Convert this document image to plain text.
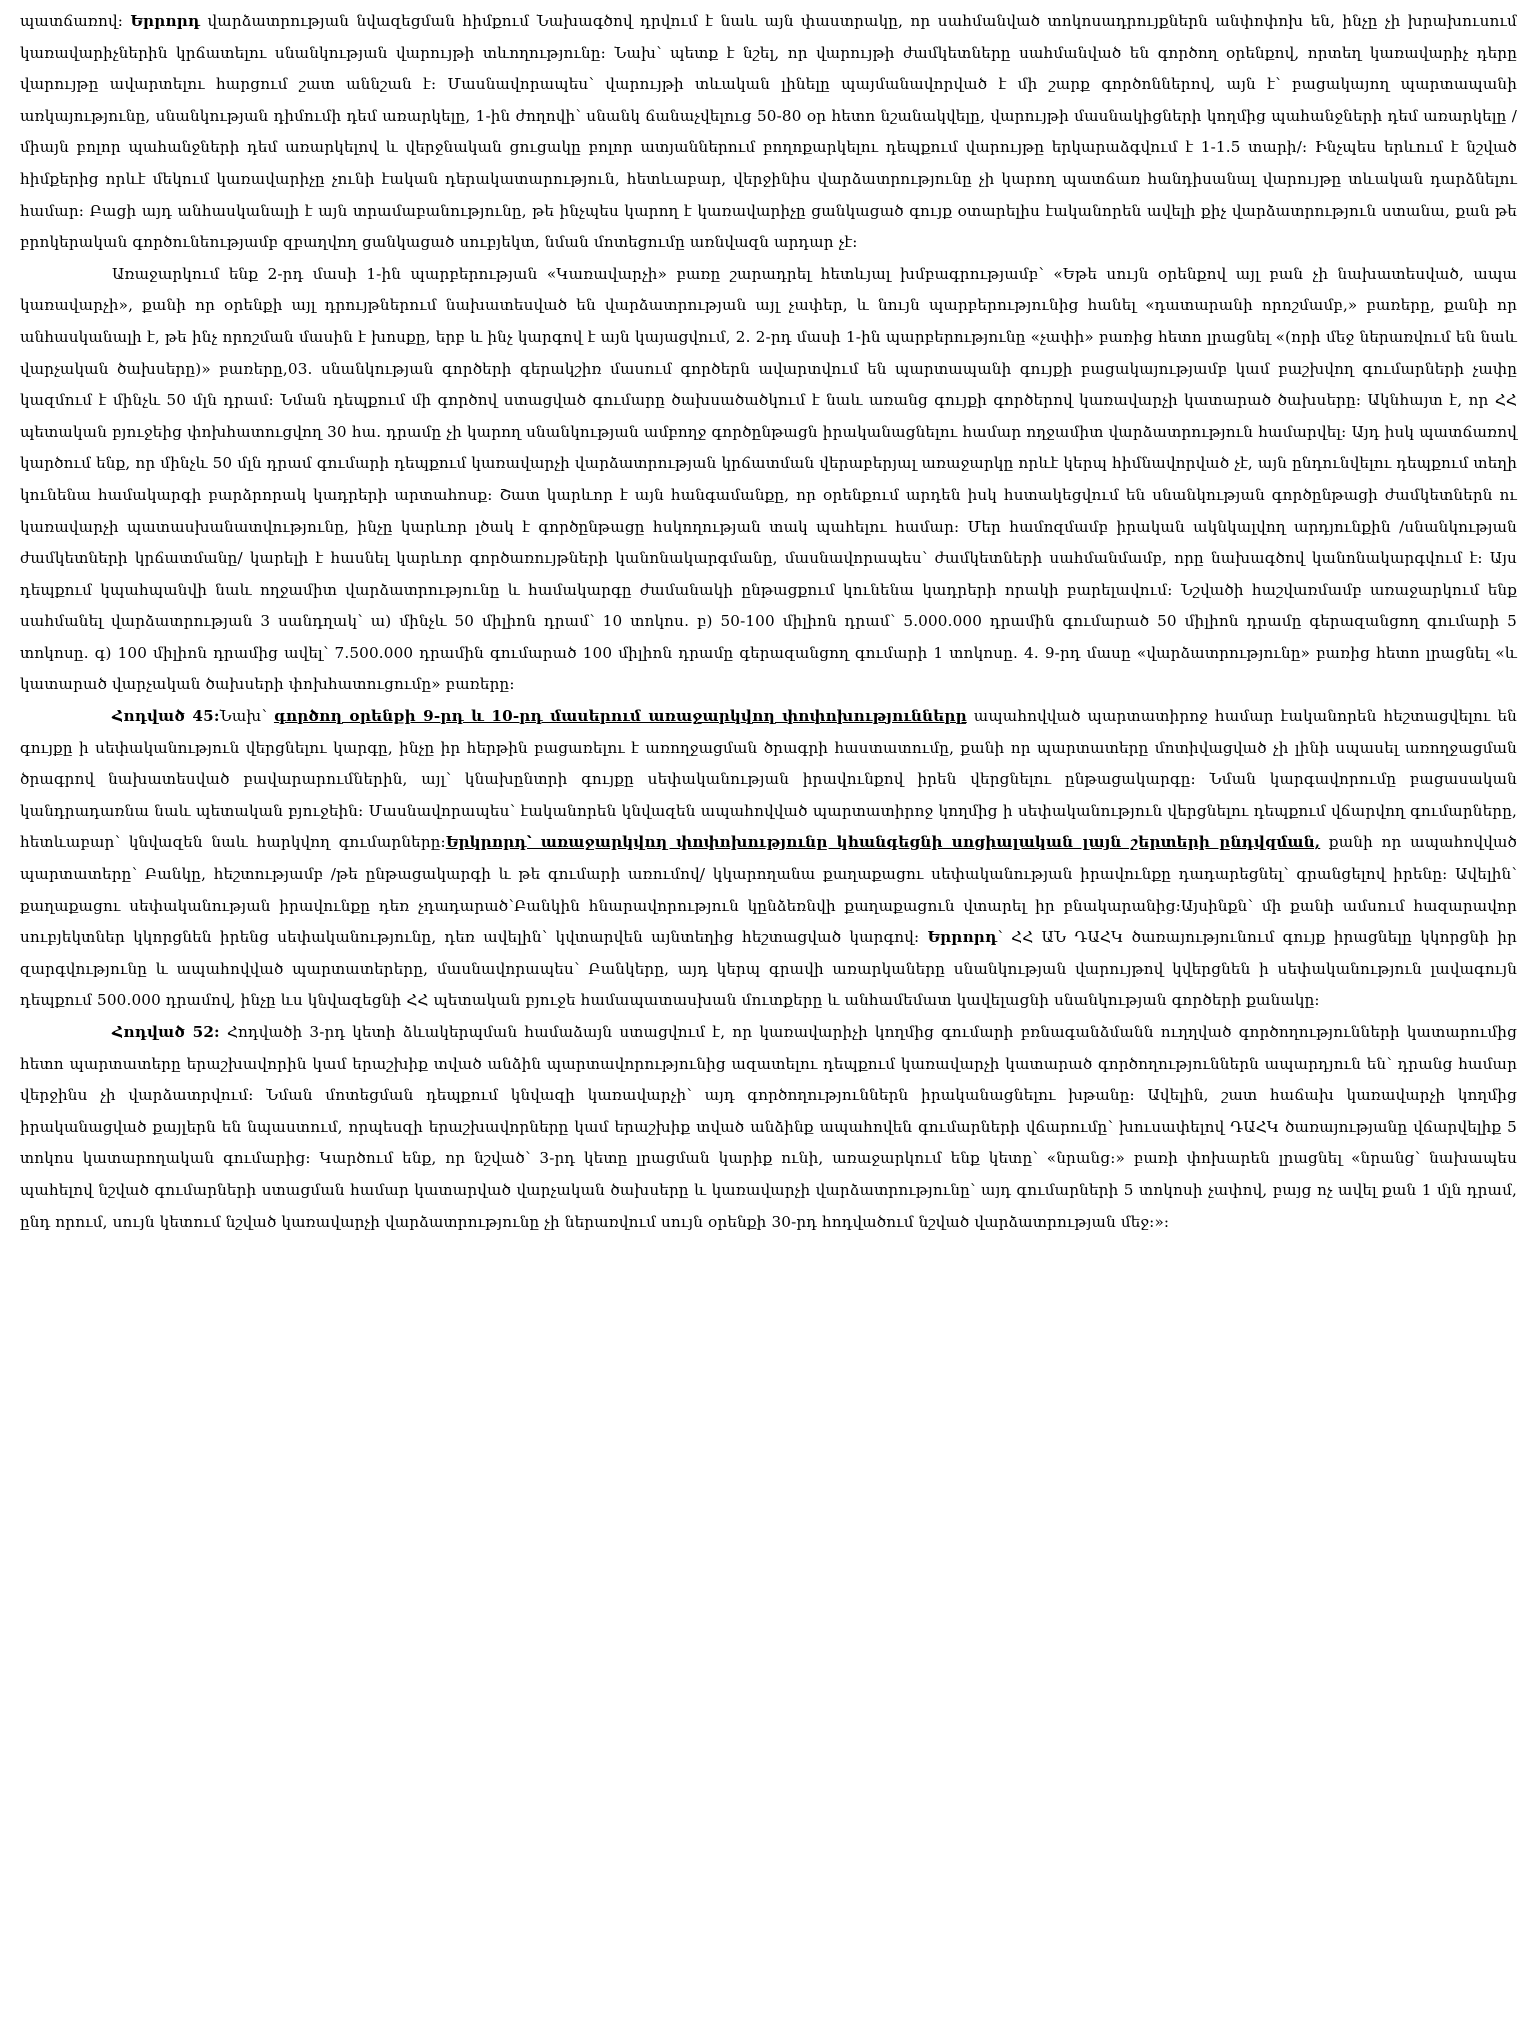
պատճառով: Երրորդ վարձատրության նվազեցման հիմքում Նախագծով դրվում է նաև այն փաստրակը, որ սահմանված տոկոսադրույքներն անփոփոխ են, ինչը չի խրախուսում կառավարիչներին կրճատելու սնանկության վարույթի տևողությունը: Նախ՝ պետք է նշել, որ վարույթի ժամկետները սահմանված են գործող օրենքով, որտեղ կառավարիչ դերը վարույթը ավարտելու հարցում շատ աննշան է: Մասնավորապես՝ վարույթի տևական լինելը պայմանավորված է մի շարք գործոններով, այն է՝ բացակայող պարտապանի առկայությունը, սնանկության դիմումի դեմ առարկելը, 1-ին ժողովի՝ սնանկ ճանաչվելուց 50-80 օր հետո նշանակվելը, վարույթի մասնակիցների կողմից պահանջների դեմ առարկելը /միայն բոլոր պահանջների դեմ առարկելով և վերջնական ցուցակը բոլոր ատյաններում բողոքարկելու դեպքում վարույթը երկարաձգվում է 1-1.5 տարի/: Ինչպես երևում է նշված հիմքերից որևէ մեկում կառավարիչը չունի էական դերակատարություն, հետևաբար, վերջինիս վարձատրությունը չի կարող պատճառ հանդիսանալ վարույթը տևական դարձնելու համար: Բացի այդ անհասկանալի է այն տրամաբանությունը, թե ինչպես կարող է կառավարիչը ցանկացած գույք օտարելիս էականորեն ավելի քիչ վարձատրություն ստանա, քան թե բրոկերական գործունեությամբ զբաղվող ցանկացած սուբյեկտ, նման մոտեցումը առնվազն արդար չէ:

Առաջարկում ենք 2-րդ մասի 1-ին պարբերության «Կառավարչի» բառը շարադրել հետևյալ խմբագրությամբ՝ «Եթե սույն օրենքով այլ բան չի նախատեսված, ապա կառավարչի», քանի որ օրենքի այլ դրույթներում նախատեսված են վարձատրության այլ չափեր, և նույն պարբերությունից հանել «դատարանի որոշմամբ,» բառերը, քանի որ անհասկանալի է, թե ինչ որոշման մասին է խոսքը, երբ և ինչ կարգով է այն կայացվում, 2. 2-րդ մասի 1-ին պարբերությունը «չափի» բառից հետո լրացնել «(որի մեջ ներառվում են նաև վարչական ծախսերը)» բառերը,03. սնանկության գործերի գերակշիռ մասում գործերն ավարտվում են պարտապանի գույքի բացակայությամբ կամ բաշխվող գումարների չափը կազմում է մինչև 50 մլն դրամ: Նման դեպքում մի գործով ստացված գումարը ծախսածածկում է նաև առանց գույքի գործերով կառավարչի կատարած ծախսերը: Ակնհայտ է, որ ՀՀ պետական բյուջեից փոխհատուցվող 30 հա. դրամը չի կարող սնանկության ամբողջ գործընթացն իրականացնելու համար ողջամիտ վարձատրություն համարվել: Այդ իսկ պատճառով կարծում ենք, որ մինչև 50 մլն դրամ գումարի դեպքում կառավարչի վարձատրության կրճատման վերաբերյալ առաջարկը որևէ կերպ հիմնավորված չէ, այն ընդունվելու դեպքում տեղի կունենա համակարգի բարձրորակ կադրերի արտահոսք: Շատ կարևոր է այն հանգամանքը, որ օրենքում արդեն իսկ հստակեցվում են սնանկության գործընթացի ժամկետներն ու կառավարչի պատասխանատվությունը, ինչը կարևոր լծակ է գործընթացը հսկողության տակ պահելու համար: Մեր համոզմամբ իրական ակնկալվող արդյունքին /սնանկության ժամկետների կրճատմանը/ կարելի է հասնել կարևոր գործառույթների կանոնակարգմանը, մասնավորապես՝ ժամկետների սահմանմամբ, որը նախագծով կանոնակարգվում է: Այս դեպքում կպահպանվի նաև ողջամիտ վարձատրությունը և համակարգը ժամանակի ընթացքում կունենա կադրերի որակի բարելավում: Նշվածի հաշվառմամբ առաջարկում ենք սահմանել վարձատրության 3 սանդղակ՝ ա) մինչև 50 միլիոն դրամ՝ 10 տոկոս. բ) 50-100 միլիոն դրամ՝ 5.000.000 դրամին գումարած 50 միլիոն դրամը գերազանցող գումարի 5 տոկոսը. գ) 100 միլիոն դրամից ավել՝ 7.500.000 դրամին գումարած 100 միլիոն դրամը գերազանցող գումարի 1 տոկոսը. 4. 9-րդ մասը «վարձատրությունը» բառից հետո լրացնել «և կատարած վարչական ծախսերի փոխհատուցումը» բառերը:

Հոդված 45:Նախ՝ գործող օրենքի 9-րդ և 10-րդ մասերում առաջարկվող փոփոխությունները ապահովված պարտատիրոջ համար էականորեն հեշտացվելու են գույքը ի սեփականություն վերցնելու կարգը, ինչը իր հերթին բացառելու է առողջացման ծրագրի հաստատումը, քանի որ պարտատերը մոտիվացված չի լինի սպասել առողջացման ծրագրով նախատեսված բավարարումներին, այլ՝ կնախընտրի գույքը սեփականության իրավունքով իրեն վերցնելու ընթացակարգը: Նման կարգավորումը բացասական կանդրադառնա նաև պետական բյուջեին: Մասնավորապես՝ էականորեն կնվազեն ապահովված պարտատիրոջ կողմից ի սեփականություն վերցնելու դեպքում վճարվող գումարները, հետևաբար՝ կնվազեն նաև հարկվող գումարները:Երկրորդ՝ առաջարկվող փոփոխությունը կհանգեցնի սոցիալական լայն շերտերի ընդվզման, քանի որ ապահովված պարտատերը՝ Բանկը, հեշտությամբ /թե ընթացակարգի և թե գումարի առումով/ կկարողանա քաղաքացու սեփականության իրավունքը դադարեցնել՝ գրանցելով իրենը: Ավելին՝ քաղաքացու սեփականության իրավունքը դեռ չդադարած՝Բանկին հնարավորություն կընձեռնվի քաղաքացուն վտարել իր բնակարանից:Այսինքն՝ մի քանի ամսում հազարավոր սուբյեկտներ կկորցնեն իրենց սեփականությունը, դեռ ավելին՝ կվտարվեն այնտեղից հեշտացված կարգով: Երրորդ՝ ՀՀ ԱՆ ԴԱՀԿ ծառայությունում գույք իրացնելը կկորցնի իր զարգվությունը և ապահովված պարտատերերը, մասնավորապես՝ Բանկերը, այդ կերպ գրավի առարկաները սնանկության վարույթով կվերցնեն ի սեփականություն լավագույն դեպքում 500.000 դրամով, ինչը ևս կնվազեցնի ՀՀ պետական բյուջե համապատասխան մուտքերը և անհամեմատ կավելացնի սնանկության գործերի քանակը:

Հոդված 52: Հոդվածի 3-րդ կետի ձևակերպման համաձայն ստացվում է, որ կառավարիչի կողմից գումարի բռնագանձմանն ուղղված գործողությունների կատարումից հետո պարտատերը երաշխավորին կամ երաշխիք տված անձին պարտավորությունից ազատելու դեպքում կառավարչի կատարած գործողություններն ապարդյուն են՝ դրանց համար վերջինս չի վարձատրվում: Նման մոտեցման դեպքում կնվազի կառավարչի՝ այդ գործողություններն իրականացնելու խթանը: Ավելին, շատ հաճախ կառավարչի կողմից իրականացված քայլերն են նպաստում, որպեսզի երաշխավորները կամ երաշխիք տված անձինք ապահովեն գումարների վճարումը՝ խուսափելով ԴԱՀԿ ծառայությանը վճարվելիք 5 տոկոս կատարողական գումարից: Կարծում ենք, որ նշված՝ 3-րդ կետը լրացման կարիք ունի, առաջարկում ենք կետը՝ «նրանց:» բառի փոխարեն լրացնել «նրանց՝ նախապես պահելով նշված գումարների ստացման համար կատարված վարչական ծախսերը և կառավարչի վարձատրությունը՝ այդ գումարների 5 տոկոսի չափով, բայց ոչ ավել քան 1 մլն դրամ, ընդ որում, սույն կետում նշված կառավարչի վարձատրությունը չի ներառվում սույն օրենքի 30-րդ հոդվածում նշված վարձատրության մեջ:»:
